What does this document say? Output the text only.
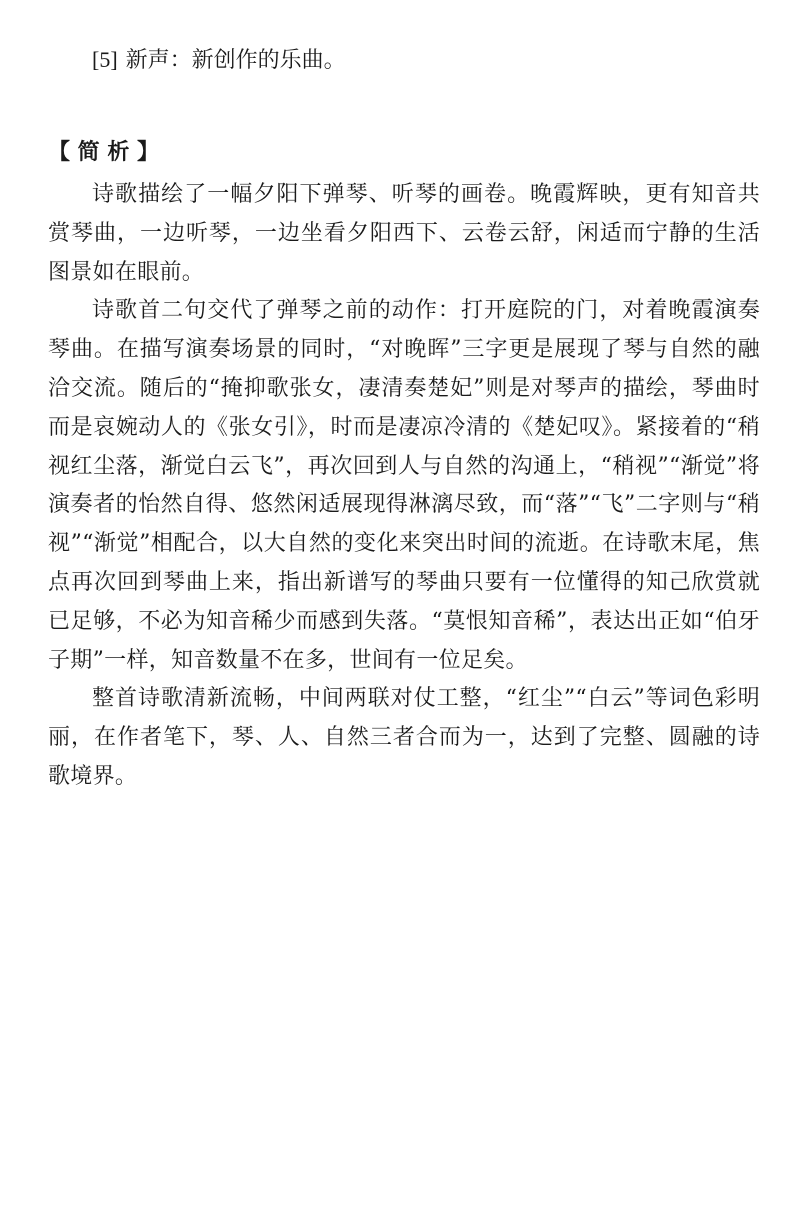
[5] 新声：新创作的乐曲。
【 简 析 】

诗歌描绘了一幅夕阳下弹琴、听琴的画卷。晚霞辉映，更有知音共赏琴曲，一边听琴，一边坐看夕阳西下、云卷云舒，闲适而宁静的生活图景如在眼前。

诗歌首二句交代了弹琴之前的动作：打开庭院的门，对着晚霞演奏琴曲。在描写演奏场景的同时，“对晚晖”三字更是展现了琴与自然的融洽交流。随后的“掩抑歌张女，凄清奏楚妃”则是对琴声的描绘，琴曲时而是哀婉动人的《张女引》，时而是凄凉冷清的《楚妃叹》。紧接着的“稍视红尘落，渐觉白云飞”，再次回到人与自然的沟通上，“稍视”“渐觉”将演奏者的怡然自得、悠然闲适展现得淋漓尽致，而“落”“飞”二字则与“稍视”“渐觉”相配合，以大自然的变化来突出时间的流逝。在诗歌末尾，焦点再次回到琴曲上来，指出新谱写的琴曲只要有一位懂得的知己欣赏就已足够，不必为知音稀少而感到失落。“莫恨知音稀”，表达出正如“伯牙子期”一样，知音数量不在多，世间有一位足矣。

整首诗歌清新流畅，中间两联对仗工整，“红尘”“白云”等词色彩明丽，在作者笔下，琴、人、自然三者合而为一，达到了完整、圆融的诗歌境界。
